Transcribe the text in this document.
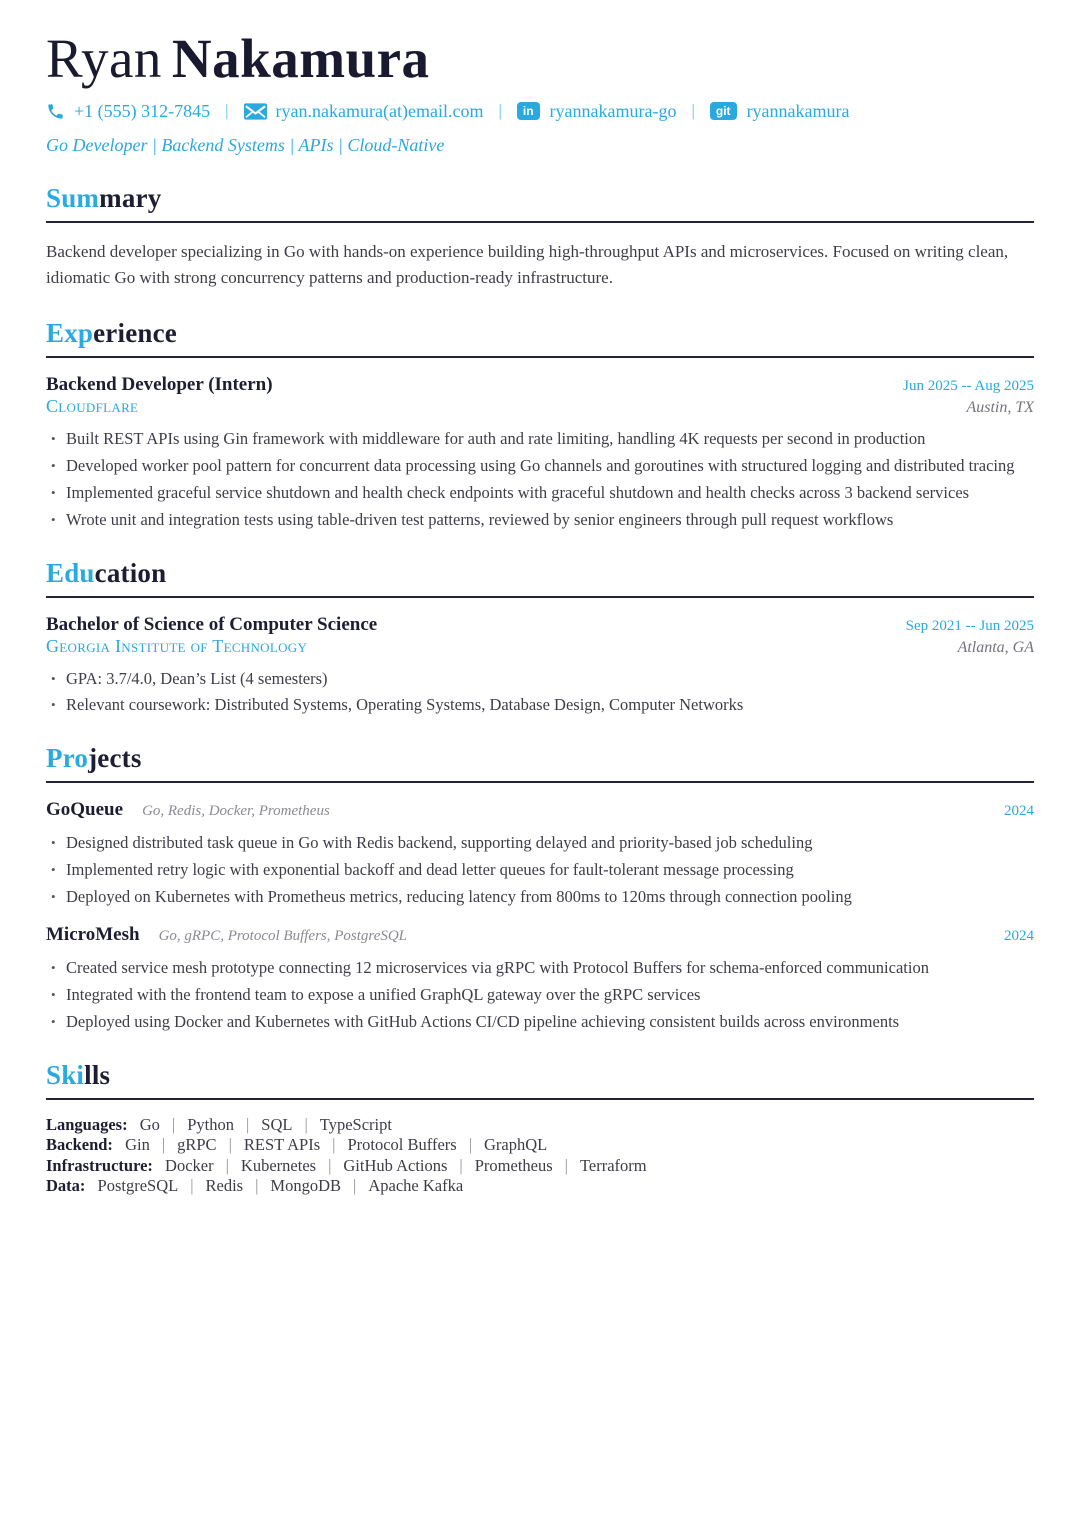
Ryan Nakamura
+1 (555) 312-7845 |	ryan.nakamura(at)email.com |	in ryannakamura-go |	git ryannakamura
Go Developer | Backend Systems | APIs | Cloud-Native
Summary
Backend developer specializing in Go with hands-on experience building high-throughput APIs and microservices. Focused on writing clean, idiomatic Go with strong concurrency patterns and production-ready infrastructure.
Experience
Backend Developer (Intern)	Jun 2025 -- Aug 2025
Cloudflare	Austin, TX
• Built REST APIs using Gin framework with middleware for auth and rate limiting, handling 4K requests per second in production
• Developed worker pool pattern for concurrent data processing using Go channels and goroutines with structured logging and distributed tracing
• Implemented graceful service shutdown and health check endpoints with graceful shutdown and health checks across 3 backend services
• Wrote unit and integration tests using table-driven test patterns, reviewed by senior engineers through pull request workflows
Education
Bachelor of Science of Computer Science	Sep 2021 -- Jun 2025
Georgia Institute of Technology	Atlanta, GA
• GPA: 3.7/4.0, Dean’s List (4 semesters)
• Relevant coursework: Distributed Systems, Operating Systems, Database Design, Computer Networks
Projects
GoQueue Go, Redis, Docker, Prometheus	2024
• Designed distributed task queue in Go with Redis backend, supporting delayed and priority-based job scheduling
• Implemented retry logic with exponential backoff and dead letter queues for fault-tolerant message processing
• Deployed on Kubernetes with Prometheus metrics, reducing latency from 800ms to 120ms through connection pooling
MicroMesh Go, gRPC, Protocol Buffers, PostgreSQL	2024
• Created service mesh prototype connecting 12 microservices via gRPC with Protocol Buffers for schema-enforced communication
• Integrated with the frontend team to expose a unified GraphQL gateway over the gRPC services
• Deployed using Docker and Kubernetes with GitHub Actions CI/CD pipeline achieving consistent builds across environments
Skills
Languages: Go | Python | SQL | TypeScript
Backend: Gin | gRPC | REST APIs | Protocol Buffers | GraphQL
Infrastructure: Docker | Kubernetes | GitHub Actions | Prometheus | Terraform
Data: PostgreSQL | Redis | MongoDB | Apache Kafka
